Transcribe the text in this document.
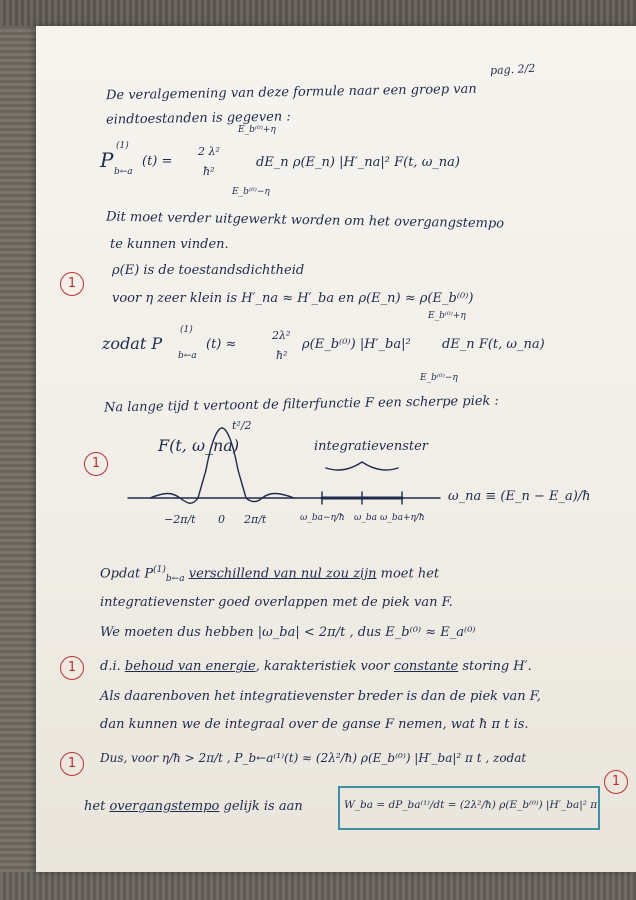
pag. 2/2
De veralgemening van deze formule naar een groep van
eindtoestanden is gegeven :
P
(1)
b←a
(t) =
2 λ²
ħ²
E_b⁽⁰⁾+η
E_b⁽⁰⁾−η
dE_n ρ(E_n) |H′_na|² F(t, ω_na)
Dit moet verder uitgewerkt worden om het overgangstempo
te kunnen vinden.
1
ρ(E) is de toestandsdichtheid
voor η zeer klein is H′_na ≈ H′_ba en ρ(E_n) ≈ ρ(E_b⁽⁰⁾)
zodat P
(1)
b←a
(t) ≈
2λ²
ħ²
ρ(E_b⁽⁰⁾) |H′_ba|²
E_b⁽⁰⁾+η
E_b⁽⁰⁾−η
dE_n F(t, ω_na)
Na lange tijd t vertoont de filterfunctie F een scherpe piek :
1
F(t, ω_na)
t²/2
integratievenster
−2π/t 0 2π/t	ω_ba−η/ħ ω_ba ω_ba+η/ħ
ω_na ≡ (E_n − E_a)/ħ
Opdat $P^{(1)}_{b\leftarrow a}$ verschillend van nul zou zijn moet het
integratievenster goed overlappen met de piek van F.
We moeten dus hebben |ω_ba| < 2π/t , dus E_b⁽⁰⁾ ≈ E_a⁽⁰⁾
1	d.i. behoud van energie, karakteristiek voor constante storing H′.
Als daarenboven het integratievenster breder is dan de piek van F,
dan kunnen we de integraal over de ganse F nemen, wat ħ π t is.
1	Dus, voor η/ħ > 2π/t , P_b←a⁽¹⁾(t) ≈ (2λ²/ħ) ρ(E_b⁽⁰⁾) |H′_ba|² π t , zodat
het overgangstempo gelijk is aan	W_ba = dP_ba⁽¹⁾/dt = (2λ²/ħ) ρ(E_b⁽⁰⁾) |H′_ba|² π
1
